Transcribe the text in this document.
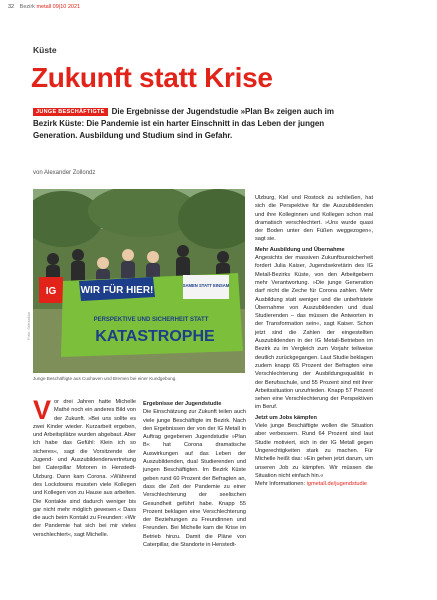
32 Bezirk metall 09|10 2021
Küste
Zukunft statt Krise
JUNGE BESCHÄFTIGTE Die Ergebnisse der Jugendstudie »Plan B« zeigen auch im Bezirk Küste: Die Pandemie ist ein harter Einschnitt in das Leben der jungen Generation. Ausbildung und Studium sind in Gefahr.
von Alexander Zollondz
IG WIR FÜR HIER!	SAMEN STATT EINSAM
PERSPEKTIVE UND SICHERHEIT STATT
KATASTROPHE
Foto: Sebastian
Junge Beschäftigte aus Cuxhaven und Bremen bei einer Kundgebung.
V or drei Jahren hatte Michelle Mathé noch ein anderes Bild von der Zukunft. »Bei uns sollte es zwei Kinder wieder. Kurzarbeit ergeben, und Arbeitsplätze wurden abgebaut. Aber ich habe das Gefühl: Klein ich so sicheres«, sagt die Vorsitzende der Jugend- und Auszubildendenvertretung bei Caterpillar Motoren in Henstedt-Ulzburg. Dann kam Corona. »Während des Lockdowns mussten viele Kollegen und Kollegen von zu Hause aus arbeiten. Die Kontakte sind dadurch weniger bis gar nicht mehr möglich gewesen.« Dass die auch beim Kontakt zu Freunden: »Wir der Pandemie hat sich bei mir vieles verschlechtert«, sagt Michelle.

Ergebnisse der Jugendstudie

Die Einschätzung zur Zukunft teilen auch viele junge Beschäftigte im Bezirk. Nach den Ergebnissen der von der IG Metall in Auftrag gegebenen Jugendstudie »Plan B« hat Corona dramatische Auswirkungen auf das Leben der Auszubildenden, dual Studierenden und jungen Beschäftigten. Im Bezirk Küste geben rund 60 Prozent der Befragten an, dass die Zeit der Pandemie zu einer Verschlechterung der seelischen Gesundheit geführt habe. Knapp 55 Prozent beklagen eine Verschlechterung der Beziehungen zu Freundinnen und Freunden. Bei Michelle kam die Krise im Betrieb hinzu. Damit die Pläne von Caterpillar, die Standorte in Henstedt-

Ulzburg, Kiel und Rostock zu schließen, hat sich die Perspektive für die Auszubildenden und ihre Kolleginnen und Kollegen schon mal dramatisch verschlechtert. »Uns wurde quasi der Boden unter den Füßen weggezogen«, sagt sie.

Mehr Ausbildung und Übernahme

Angesichts der massiven Zukunftsunsicherheit fordert Julia Kaiser, Jugendsekretärin des IG Metall-Bezirks Küste, von den Arbeitgebern mehr Verantwortung. »Die junge Generation darf nicht die Zeche für Corona zahlen. Mehr Ausbildung statt weniger und die unbefristete Übernahme von Auszubildenden und dual Studierenden – das müssen die Antworten in der Transformation sein«, sagt Kaiser. Schon jetzt sind die Zahlen der eingestellten Auszubildenden in der IG Metall-Betrieben im Bezirk zu im Vergleich zum Vorjahr teilweise deutlich zurückgegangen. Laut Studie beklagen zudem knapp 65 Prozent der Befragten eine Verschlechterung der Ausbildungsqualität in der Berufsschule, und 55 Prozent sind mit ihrer Arbeitssituation unzufrieden. Knapp 57 Prozent sehen eine Verschlechterung der Perspektiven im Beruf.

Jetzt um Jobs kämpfen

Viele junge Beschäftigte wollen die Situation aber verbessern. Rund 64 Prozent sind laut Studie motiviert, sich in der IG Metall gegen Ungerechtigkeiten stark zu machen. Für Michelle heißt das: »Ein gehen jetzt darum, um unseren Job zu kämpfen. Wir müssen die Situation nicht einfach hin.«

Mehr Informationen: igmetall.de/jugendstudie
